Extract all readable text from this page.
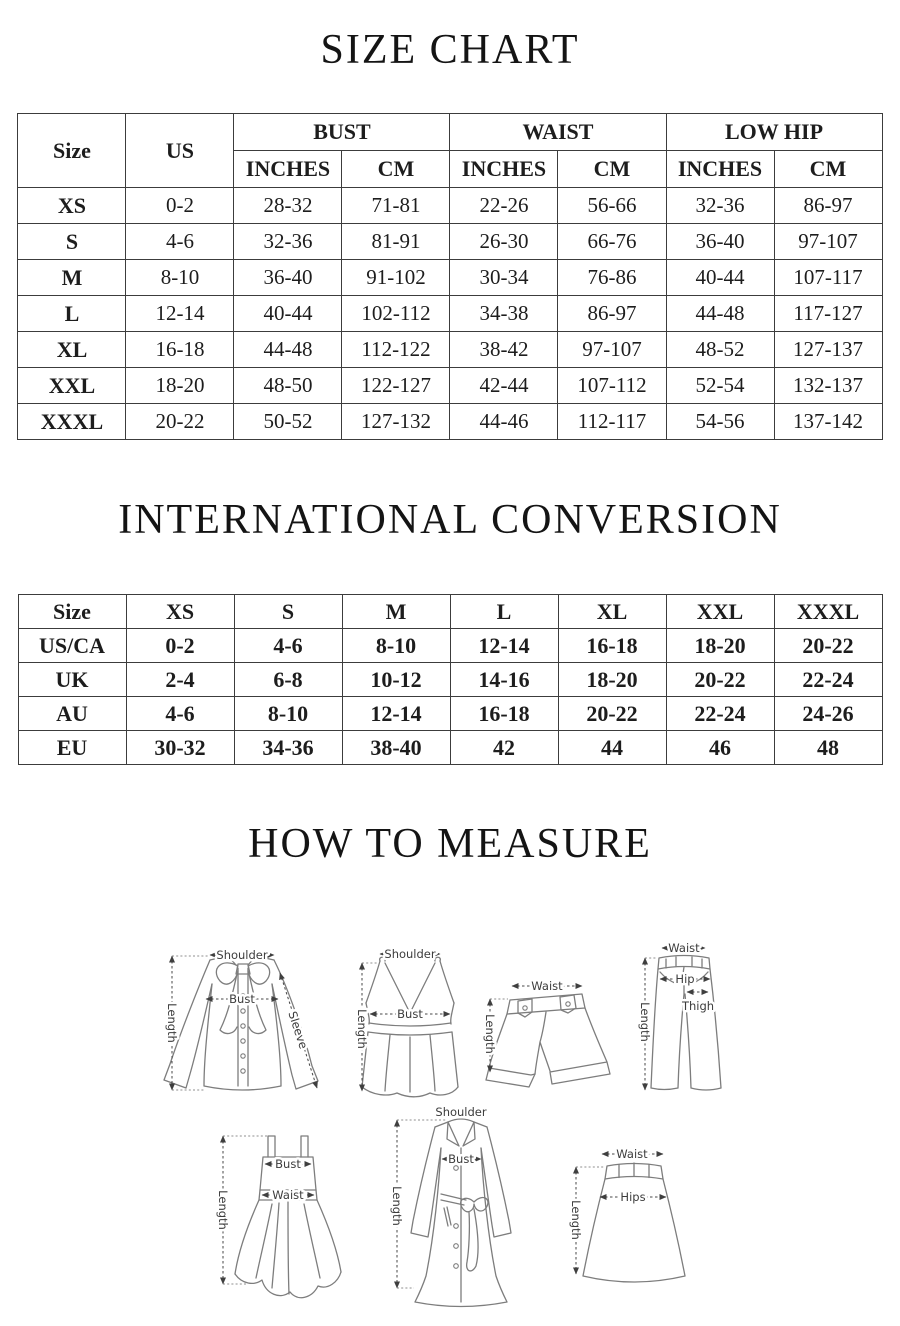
SIZE CHART
Size	US	BUST		WAIST		LOW HIP	
		INCHES	CM	INCHES	CM	INCHES	CM
XS	0-2	28-32	71-81	22-26	56-66	32-36	86-97
S	4-6	32-36	81-91	26-30	66-76	36-40	97-107
M	8-10	36-40	91-102	30-34	76-86	40-44	107-117
L	12-14	40-44	102-112	34-38	86-97	44-48	117-127
XL	16-18	44-48	112-122	38-42	97-107	48-52	127-137
XXL	18-20	48-50	122-127	42-44	107-112	52-54	132-137
XXXL	20-22	50-52	127-132	44-46	112-117	54-56	137-142
INTERNATIONAL CONVERSION
Size	XS	S	M	L	XL	XXL	XXXL
US/CA	0-2	4-6	8-10	12-14	16-18	18-20	20-22
UK	2-4	6-8	10-12	14-16	18-20	20-22	22-24
AU	4-6	8-10	12-14	16-18	20-22	22-24	24-26
EU	30-32	34-36	38-40	42	44	46	48
HOW TO MEASURE
Shoulder
Bust
Length	Sleeve
Shoulder
Bust
Length
Waist
Length
Waist
Hip
Thigh
Length
Bust
Waist
Length
Shoulder
Bust
Length
Waist
Hips
Length
